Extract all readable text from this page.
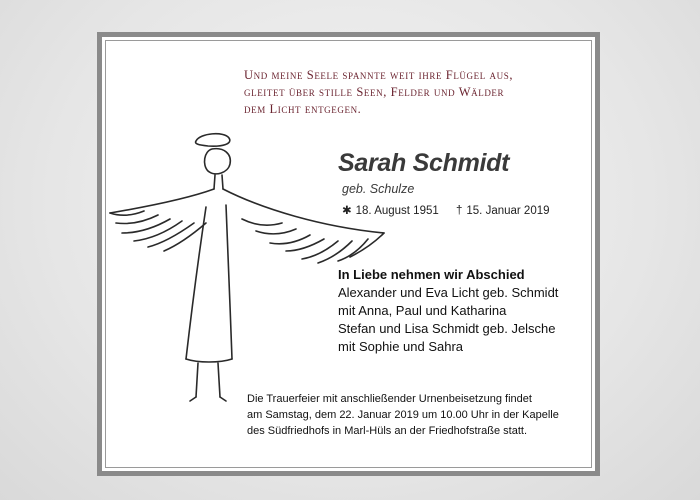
Und meine Seele spannte weit ihre Flügel aus,
gleitet über stille Seen, Felder und Wälder
dem Licht entgegen.

Sarah Schmidt
geb. Schulze
✱ 18. August 1951 † 15. Januar 2019
In Liebe nehmen wir Abschied
Alexander und Eva Licht geb. Schmidt
mit Anna, Paul und Katharina
Stefan und Lisa Schmidt geb. Jelsche
mit Sophie und Sahra
Die Trauerfeier mit anschließender Urnenbeisetzung findet
am Samstag, dem 22. Januar 2019 um 10.00 Uhr in der Kapelle
des Südfriedhofs in Marl-Hüls an der Friedhofstraße statt.
